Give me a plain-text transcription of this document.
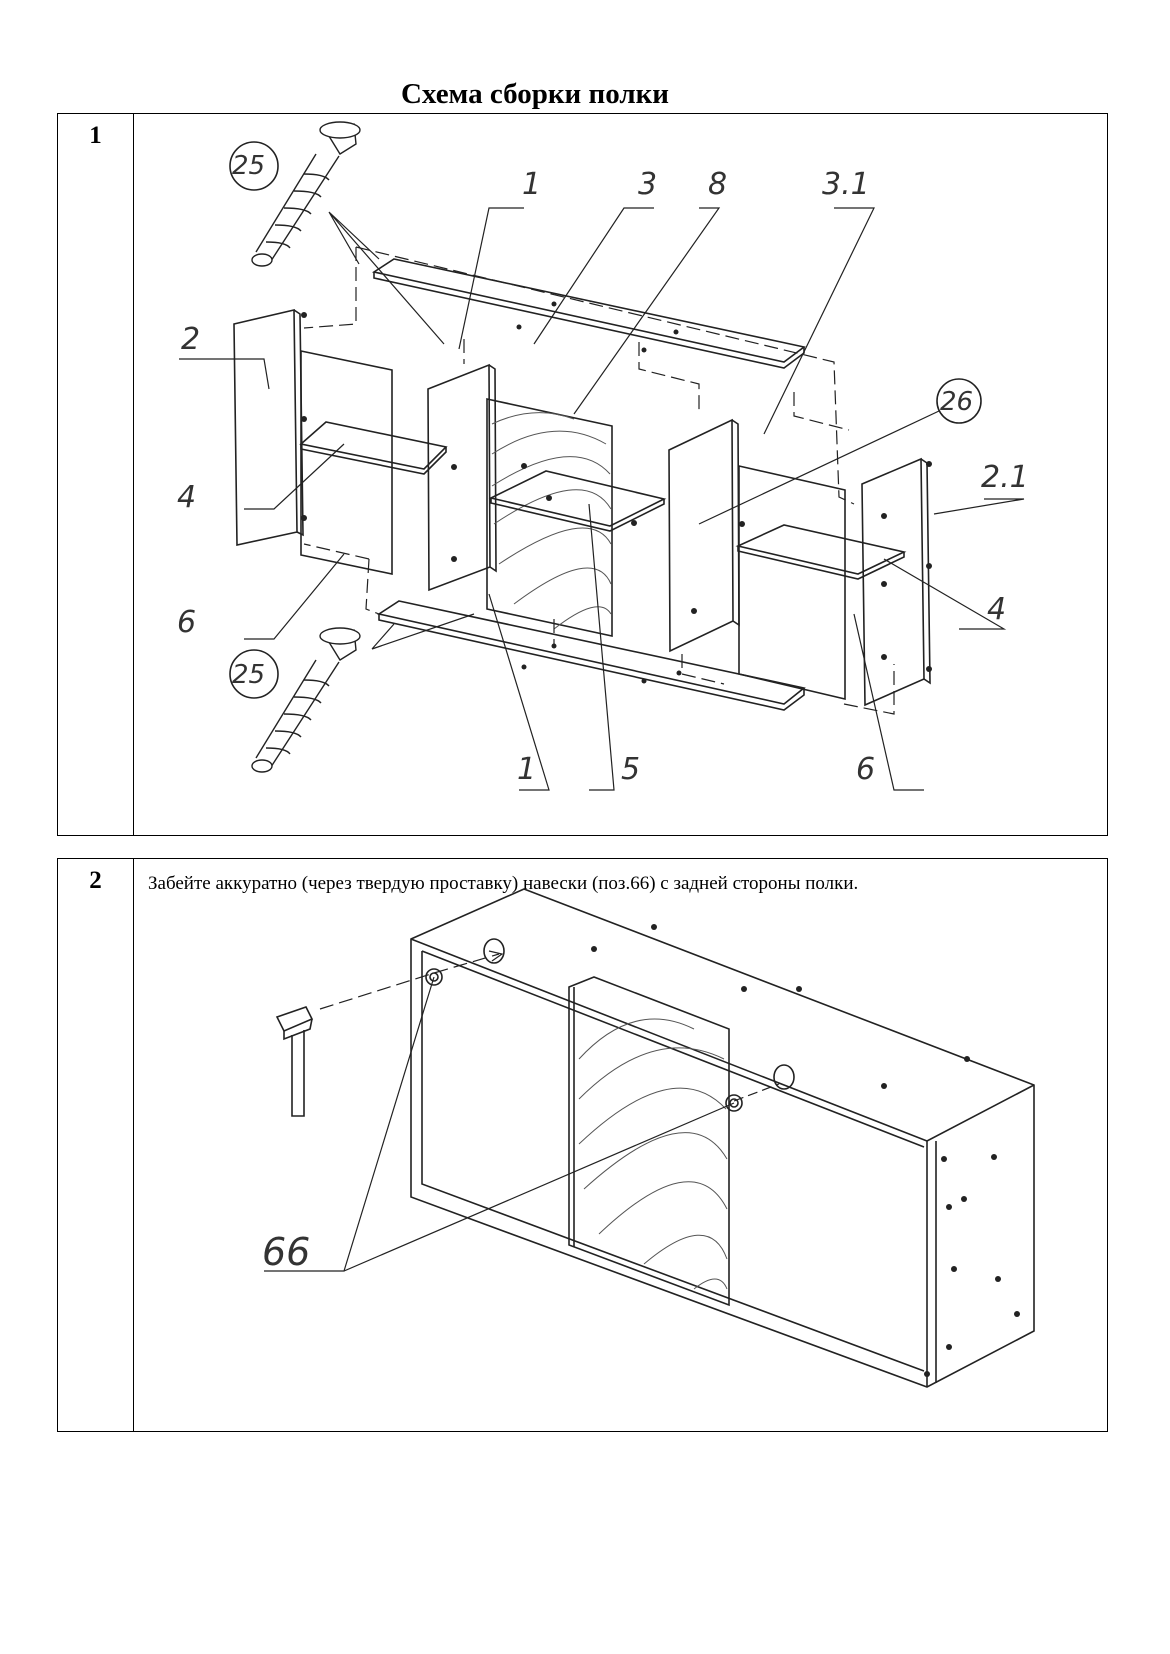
Схема сборки полки
1
1	3 8	3.1
2
26
2.1
4
4
6
25
25
1	5	6
2	Забейте аккуратно (через твердую проставку) навески (поз.66) с задней стороны полки.
66
